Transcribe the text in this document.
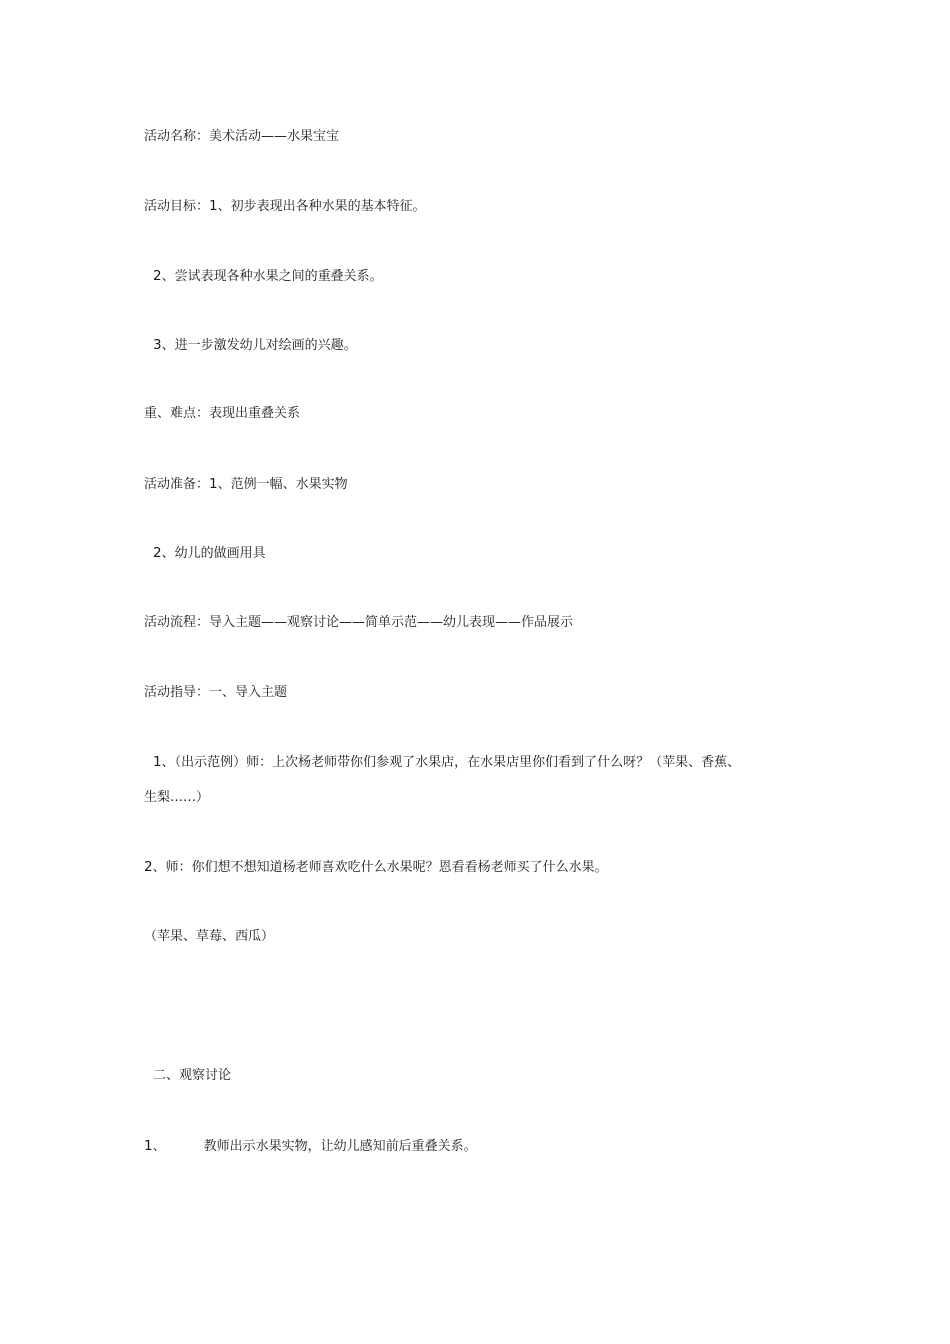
活动名称：美术活动——水果宝宝
活动目标：1、初步表现出各种水果的基本特征。
2、尝试表现各种水果之间的重叠关系。
3、进一步激发幼儿对绘画的兴趣。
重、难点：表现出重叠关系
活动准备：1、范例一幅、水果实物
2、幼儿的做画用具
活动流程：导入主题——观察讨论——简单示范——幼儿表现——作品展示
活动指导：一、导入主题
1、（出示范例）师：上次杨老师带你们参观了水果店，在水果店里你们看到了什么呀？（苹果、香蕉、
生梨……）
2、师：你们想不想知道杨老师喜欢吃什么水果呢？恩看看杨老师买了什么水果。
（苹果、草莓、西瓜）
二、观察讨论
1、	教师出示水果实物，让幼儿感知前后重叠关系。
